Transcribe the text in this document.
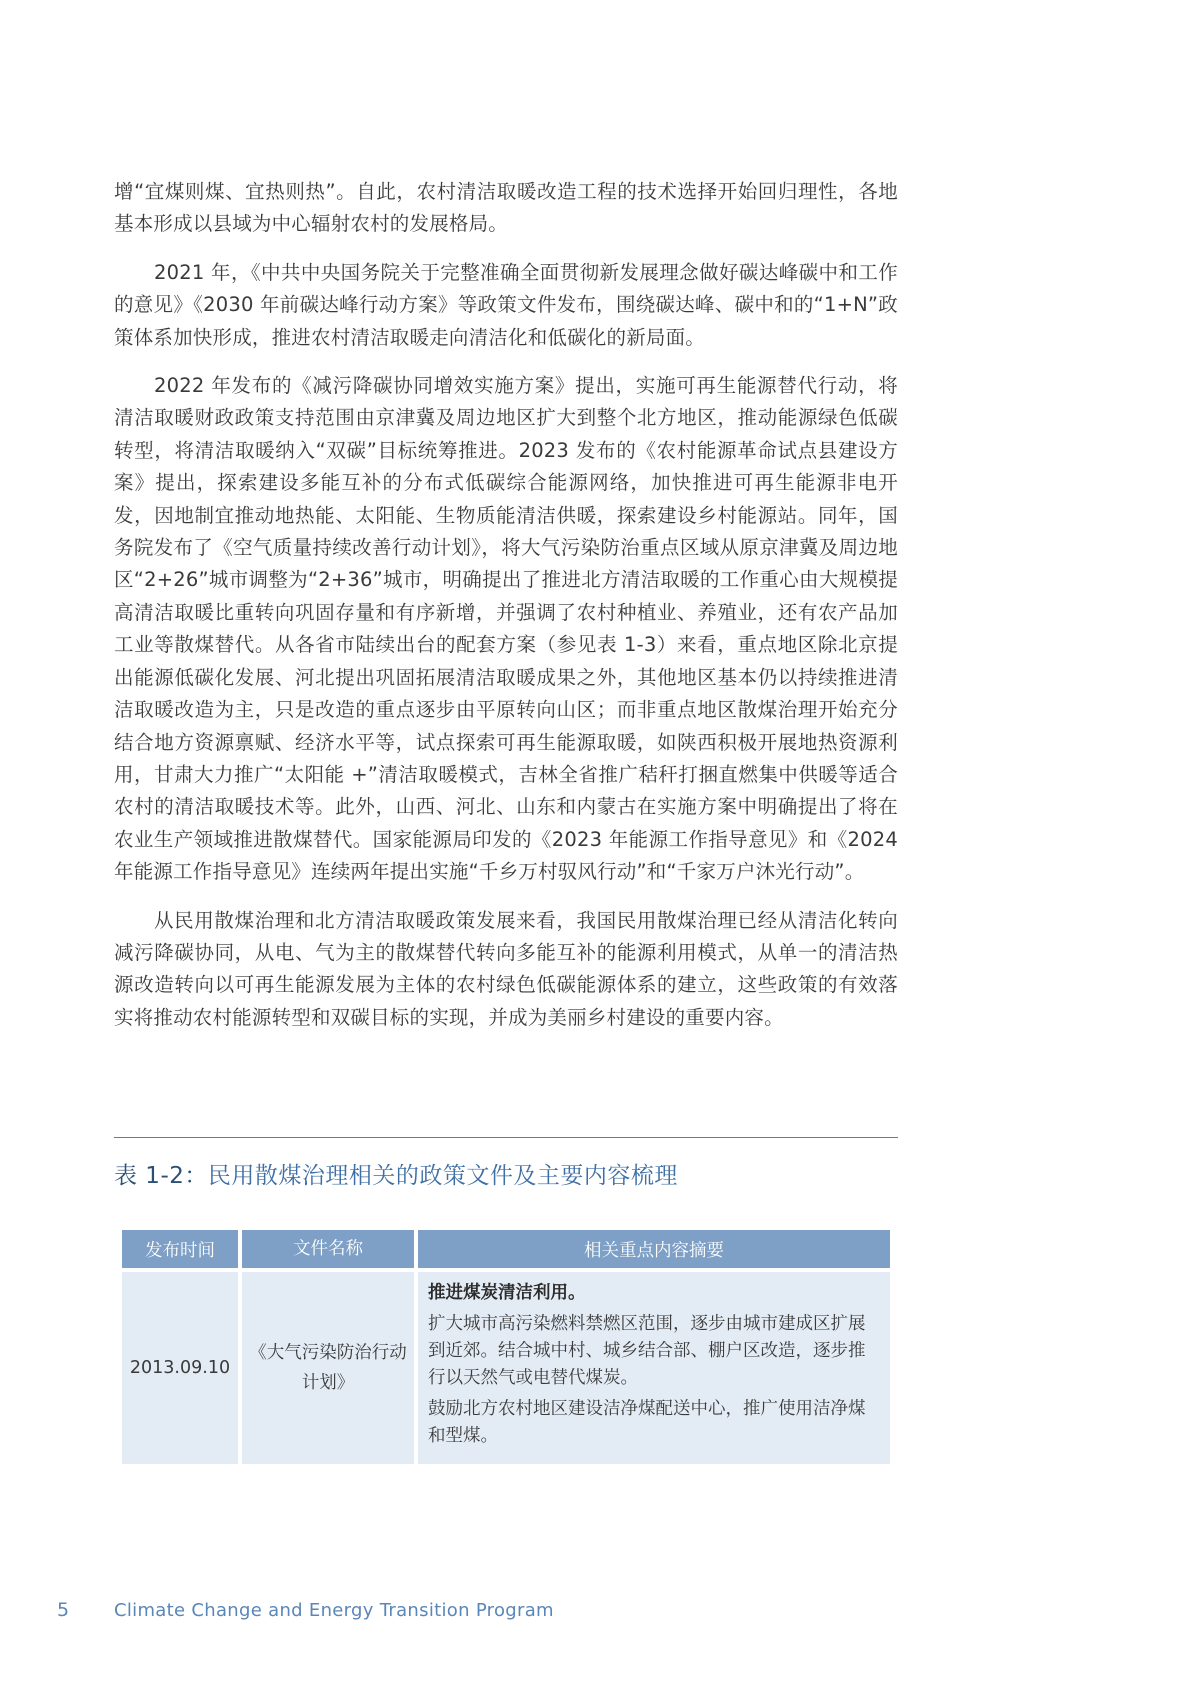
增“宜煤则煤、宜热则热”。自此，农村清洁取暖改造工程的技术选择开始回归理性，各地基本形成以县域为中心辐射农村的发展格局。

2021 年，《中共中央国务院关于完整准确全面贯彻新发展理念做好碳达峰碳中和工作的意见》《2030 年前碳达峰行动方案》等政策文件发布，围绕碳达峰、碳中和的“1+N”政策体系加快形成，推进农村清洁取暖走向清洁化和低碳化的新局面。

2022 年发布的《减污降碳协同增效实施方案》提出，实施可再生能源替代行动，将清洁取暖财政政策支持范围由京津冀及周边地区扩大到整个北方地区，推动能源绿色低碳转型，将清洁取暖纳入“双碳”目标统筹推进。2023 发布的《农村能源革命试点县建设方案》提出，探索建设多能互补的分布式低碳综合能源网络，加快推进可再生能源非电开发，因地制宜推动地热能、太阳能、生物质能清洁供暖，探索建设乡村能源站。同年，国务院发布了《空气质量持续改善行动计划》，将大气污染防治重点区域从原京津冀及周边地区“2+26”城市调整为“2+36”城市，明确提出了推进北方清洁取暖的工作重心由大规模提高清洁取暖比重转向巩固存量和有序新增，并强调了农村种植业、养殖业，还有农产品加工业等散煤替代。从各省市陆续出台的配套方案（参见表 1-3）来看，重点地区除北京提出能源低碳化发展、河北提出巩固拓展清洁取暖成果之外，其他地区基本仍以持续推进清洁取暖改造为主，只是改造的重点逐步由平原转向山区；而非重点地区散煤治理开始充分结合地方资源禀赋、经济水平等，试点探索可再生能源取暖，如陕西积极开展地热资源利用，甘肃大力推广“太阳能 +”清洁取暖模式，吉林全省推广秸秆打捆直燃集中供暖等适合农村的清洁取暖技术等。此外，山西、河北、山东和内蒙古在实施方案中明确提出了将在农业生产领域推进散煤替代。国家能源局印发的《2023 年能源工作指导意见》和《2024 年能源工作指导意见》连续两年提出实施“千乡万村驭风行动”和“千家万户沐光行动”。

从民用散煤治理和北方清洁取暖政策发展来看，我国民用散煤治理已经从清洁化转向减污降碳协同，从电、气为主的散煤替代转向多能互补的能源利用模式，从单一的清洁热源改造转向以可再生能源发展为主体的农村绿色低碳能源体系的建立，这些政策的有效落实将推动农村能源转型和双碳目标的实现，并成为美丽乡村建设的重要内容。

表 1-2：民用散煤治理相关的政策文件及主要内容梳理
发布时间	文件名称	相关重点内容摘要
2013.09.10	《大气污染防治行动计划》	推进煤炭清洁利用。

扩大城市高污染燃料禁燃区范围，逐步由城市建成区扩展到近郊。结合城中村、城乡结合部、棚户区改造，逐步推行以天然气或电替代煤炭。

鼓励北方农村地区建设洁净煤配送中心，推广使用洁净煤和型煤。

5 Climate Change and Energy Transition Program
